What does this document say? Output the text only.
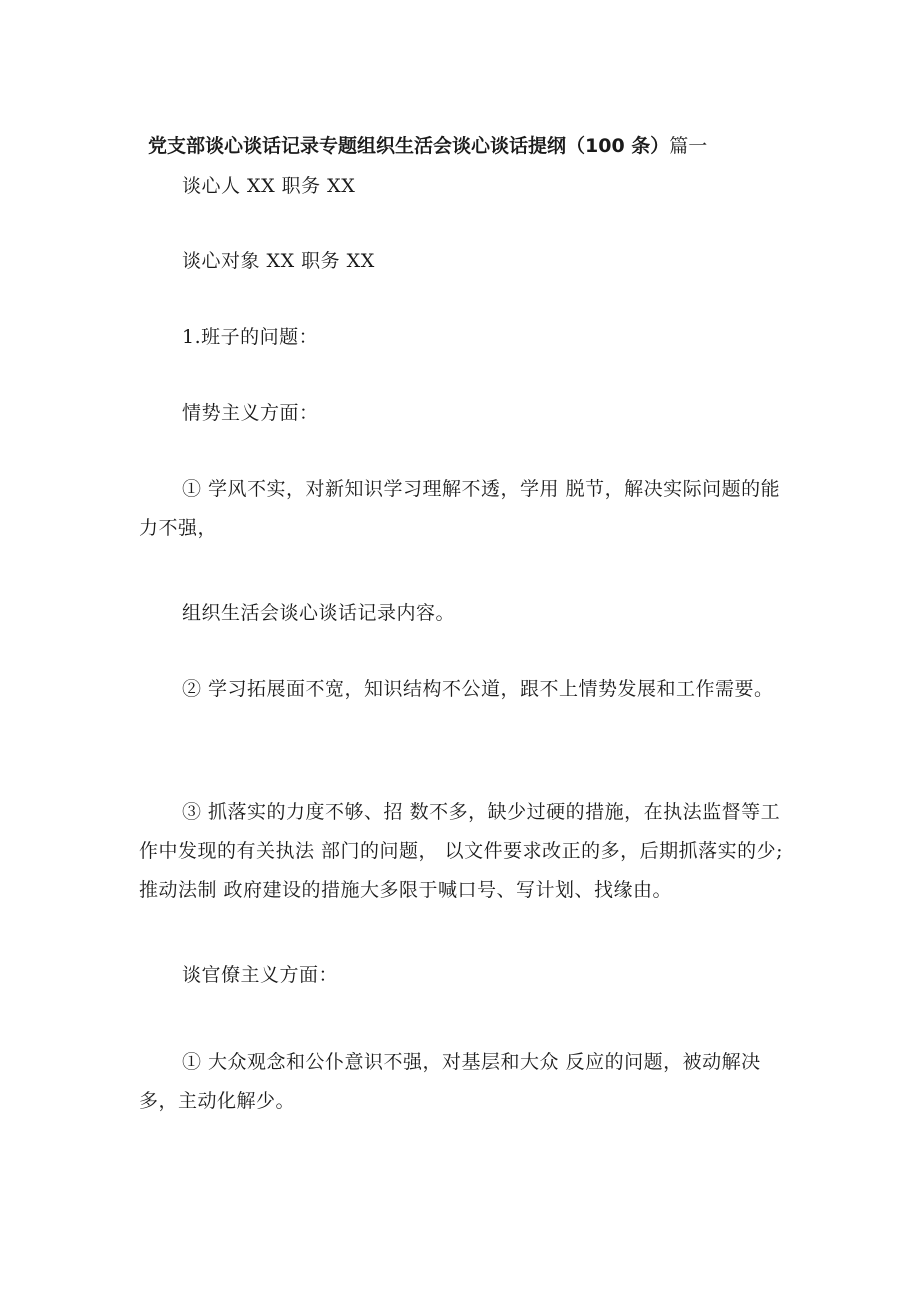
党支部谈心谈话记录专题组织生活会谈心谈话提纲（100 条）篇一
谈心人 XX 职务 XX
谈心对象 XX 职务 XX
1.班子的问题：
情势主义方面：
① 学风不实，对新知识学习理解不透，学用 脱节，解决实际问题的能力不强，
组织生活会谈心谈话记录内容。
② 学习拓展面不宽，知识结构不公道，跟不上情势发展和工作需要。
③ 抓落实的力度不够、招 数不多，缺少过硬的措施，在执法监督等工作中发现的有关执法 部门的问题， 以文件要求改正的多，后期抓落实的少;推动法制 政府建设的措施大多限于喊口号、写计划、找缘由。
谈官僚主义方面：
① 大众观念和公仆意识不强，对基层和大众 反应的问题，被动解决多，主动化解少。
